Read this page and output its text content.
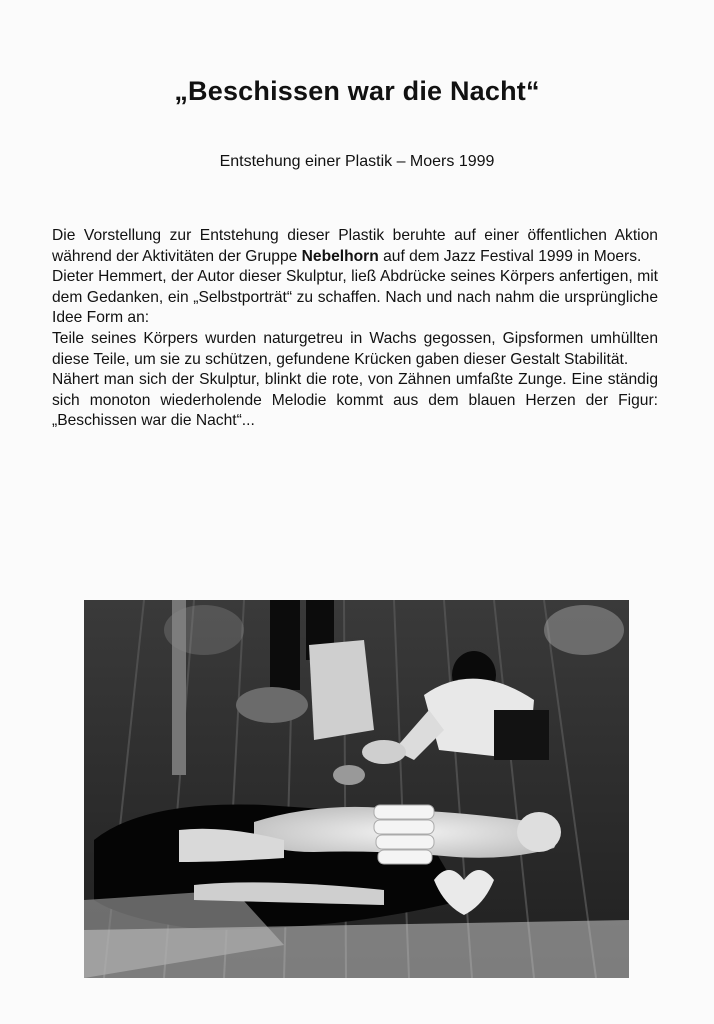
„Beschissen war die Nacht“
Entstehung einer Plastik – Moers 1999

Die Vorstellung zur Entstehung dieser Plastik beruhte auf einer öffentlichen Aktion während der Aktivitäten der Gruppe Nebelhorn auf dem Jazz Festival 1999 in Moers.

Dieter Hemmert, der Autor dieser Skulptur, ließ Abdrücke seines Körpers anfertigen, mit dem Gedanken, ein „Selbstporträt“ zu schaffen. Nach und nach nahm die ursprüngliche Idee Form an:

Teile seines Körpers wurden naturgetreu in Wachs gegossen, Gipsformen umhüllten diese Teile, um sie zu schützen, gefundene Krücken gaben dieser Gestalt Stabilität.

Nähert man sich der Skulptur, blinkt die rote, von Zähnen umfaßte Zunge. Eine ständig sich monoton wiederholende Melodie kommt aus dem blauen Herzen der Figur: „Beschissen war die Nacht“...
